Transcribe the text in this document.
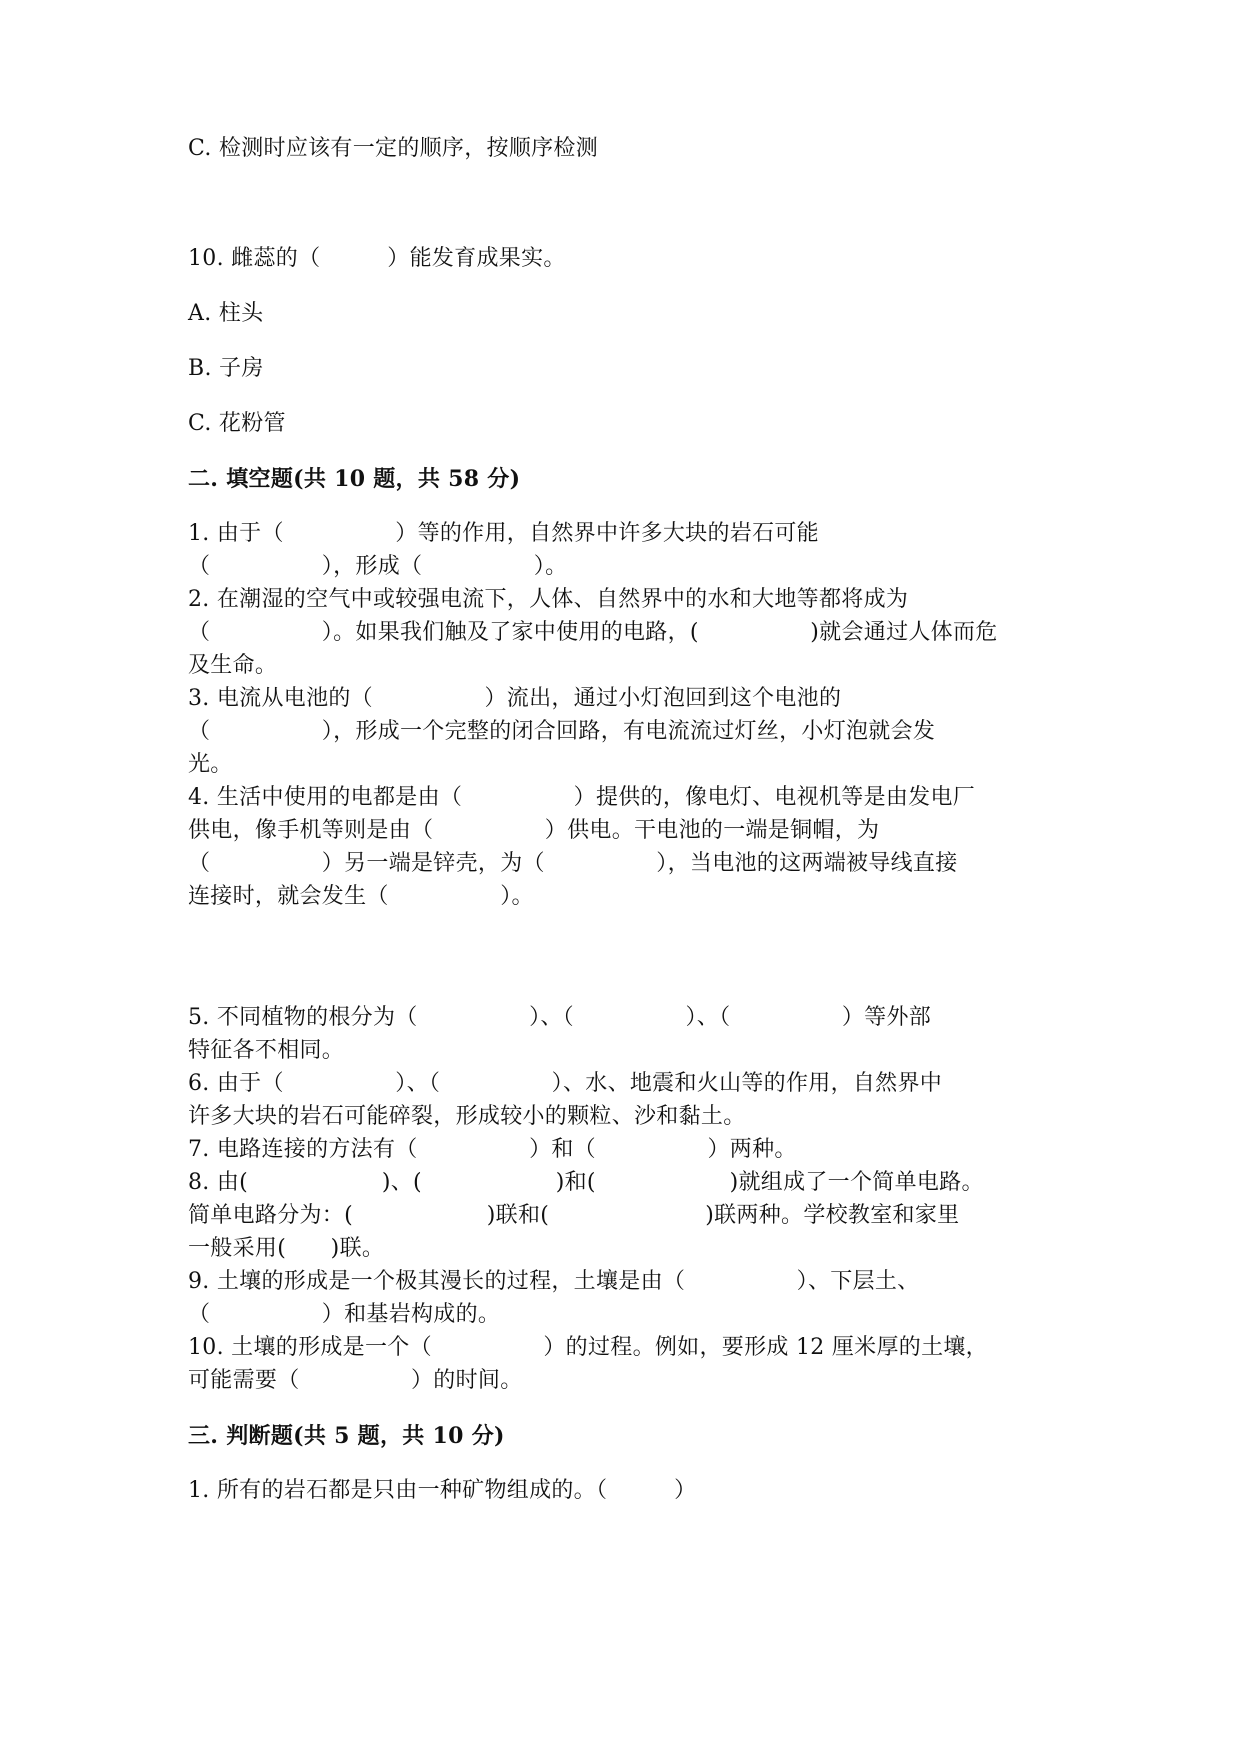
C. 检测时应该有一定的顺序，按顺序检测
10. 雌蕊的（　　　）能发育成果实。
A. 柱头
B. 子房
C. 花粉管
二. 填空题(共 10 题，共 58 分)
1. 由于（　　　　　）等的作用，自然界中许多大块的岩石可能
（　　　　　），形成（　　　　　）。
2. 在潮湿的空气中或较强电流下，人体、自然界中的水和大地等都将成为
（　　　　　）。如果我们触及了家中使用的电路，(　　　　　)就会通过人体而危
及生命。
3. 电流从电池的（　　　　　）流出，通过小灯泡回到这个电池的
（　　　　　），形成一个完整的闭合回路，有电流流过灯丝，小灯泡就会发
光。
4. 生活中使用的电都是由（　　　　　）提供的，像电灯、电视机等是由发电厂
供电，像手机等则是由（　　　　　）供电。干电池的一端是铜帽，为
（　　　　　）另一端是锌壳，为（　　　　　），当电池的这两端被导线直接
连接时，就会发生（　　　　　）。
5. 不同植物的根分为（　　　　　）、（　　　　　）、（　　　　　）等外部
特征各不相同。
6. 由于（　　　　　）、（　　　　　）、水、地震和火山等的作用，自然界中
许多大块的岩石可能碎裂，形成较小的颗粒、沙和黏土。
7. 电路连接的方法有（　　　　　）和（　　　　　）两种。
8. 由(　　　　　　)、(　　　　　　)和(　　　　　　)就组成了一个简单电路。
简单电路分为：(　　　　　　)联和(　　　　　　　)联两种。学校教室和家里
一般采用(　　)联。
9. 土壤的形成是一个极其漫长的过程，土壤是由（　　　　　）、下层土、
（　　　　　）和基岩构成的。
10. 土壤的形成是一个（　　　　　）的过程。例如，要形成 12 厘米厚的土壤，
可能需要（　　　　　）的时间。
三. 判断题(共 5 题，共 10 分)
1. 所有的岩石都是只由一种矿物组成的。（　　　）
